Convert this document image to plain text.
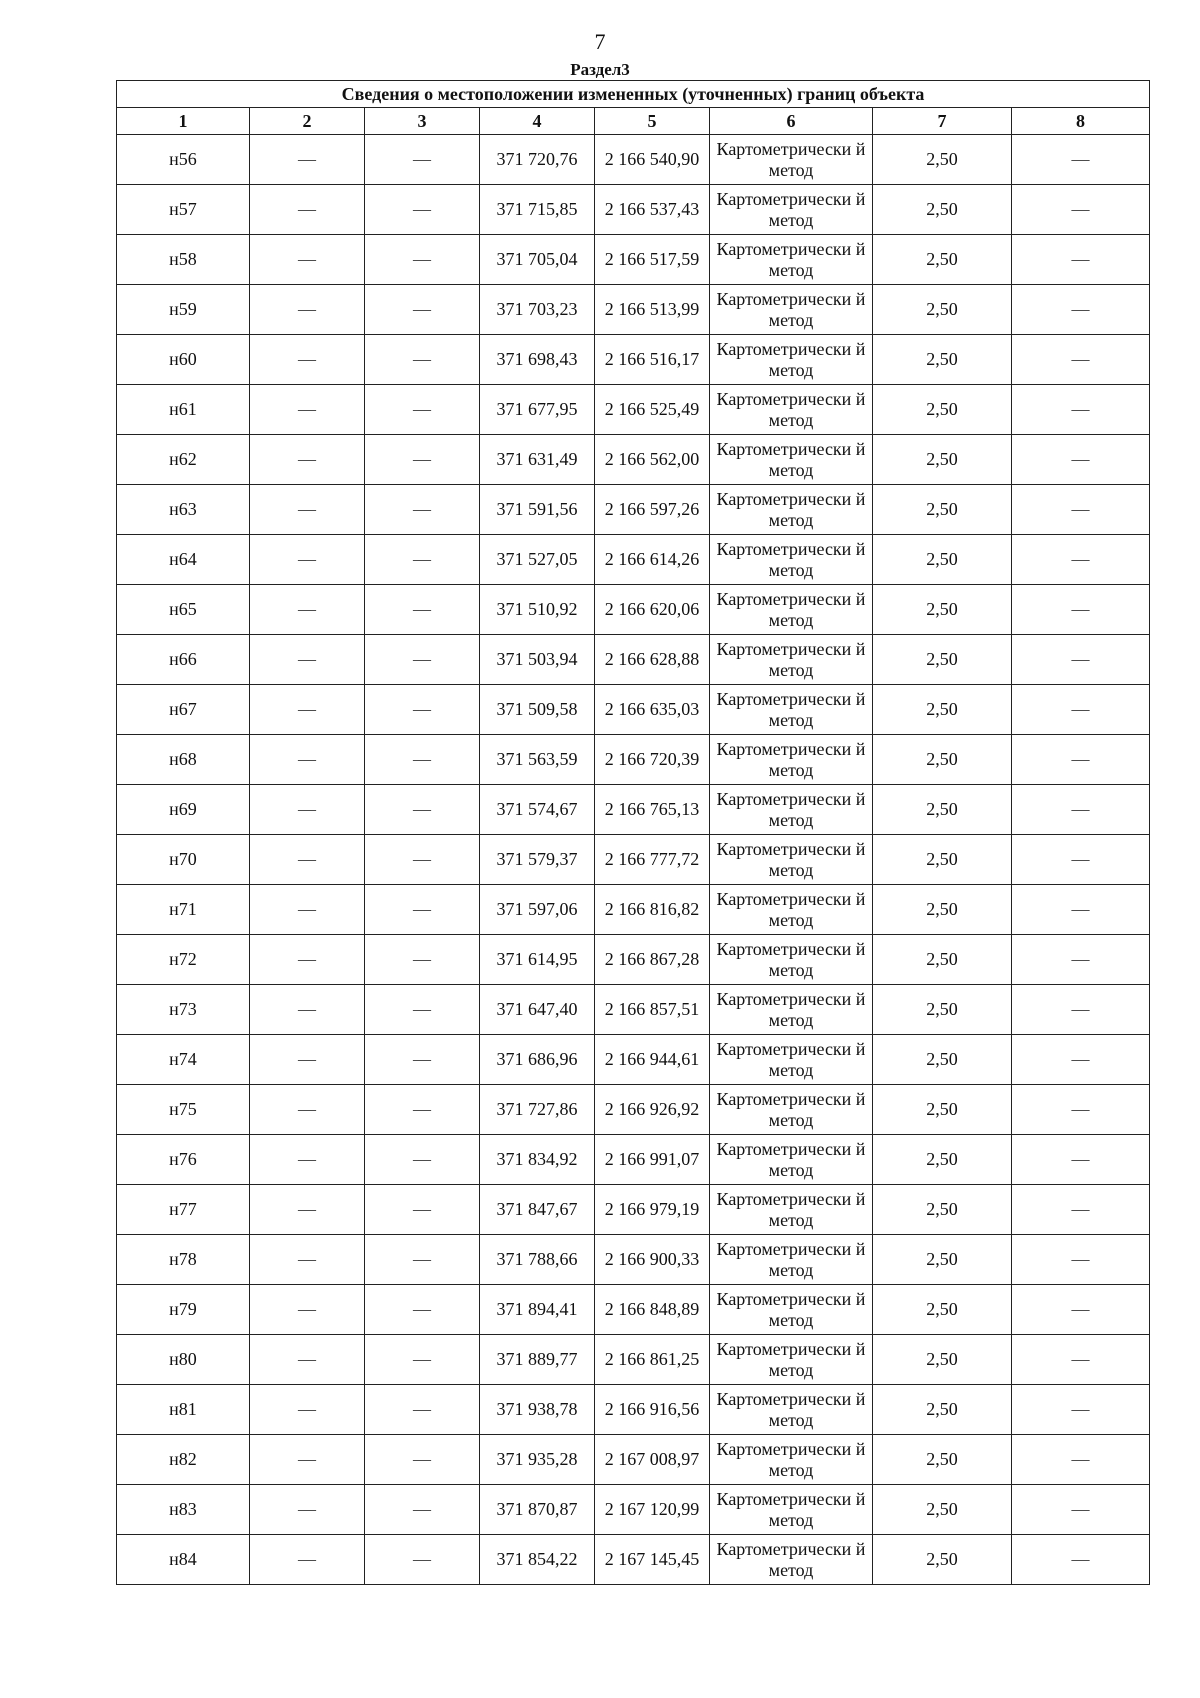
7
Раздел3
Сведения о местоположении измененных (уточненных) границ объекта							
1	2	3	4	5	6	7	8
н56	—	—	371 720,76	2 166 540,90	Картометрически й метод	2,50	—
н57	—	—	371 715,85	2 166 537,43	Картометрически й метод	2,50	—
н58	—	—	371 705,04	2 166 517,59	Картометрически й метод	2,50	—
н59	—	—	371 703,23	2 166 513,99	Картометрически й метод	2,50	—
н60	—	—	371 698,43	2 166 516,17	Картометрически й метод	2,50	—
н61	—	—	371 677,95	2 166 525,49	Картометрически й метод	2,50	—
н62	—	—	371 631,49	2 166 562,00	Картометрически й метод	2,50	—
н63	—	—	371 591,56	2 166 597,26	Картометрически й метод	2,50	—
н64	—	—	371 527,05	2 166 614,26	Картометрически й метод	2,50	—
н65	—	—	371 510,92	2 166 620,06	Картометрически й метод	2,50	—
н66	—	—	371 503,94	2 166 628,88	Картометрически й метод	2,50	—
н67	—	—	371 509,58	2 166 635,03	Картометрически й метод	2,50	—
н68	—	—	371 563,59	2 166 720,39	Картометрически й метод	2,50	—
н69	—	—	371 574,67	2 166 765,13	Картометрически й метод	2,50	—
н70	—	—	371 579,37	2 166 777,72	Картометрически й метод	2,50	—
н71	—	—	371 597,06	2 166 816,82	Картометрически й метод	2,50	—
н72	—	—	371 614,95	2 166 867,28	Картометрически й метод	2,50	—
н73	—	—	371 647,40	2 166 857,51	Картометрически й метод	2,50	—
н74	—	—	371 686,96	2 166 944,61	Картометрически й метод	2,50	—
н75	—	—	371 727,86	2 166 926,92	Картометрически й метод	2,50	—
н76	—	—	371 834,92	2 166 991,07	Картометрически й метод	2,50	—
н77	—	—	371 847,67	2 166 979,19	Картометрически й метод	2,50	—
н78	—	—	371 788,66	2 166 900,33	Картометрически й метод	2,50	—
н79	—	—	371 894,41	2 166 848,89	Картометрически й метод	2,50	—
н80	—	—	371 889,77	2 166 861,25	Картометрически й метод	2,50	—
н81	—	—	371 938,78	2 166 916,56	Картометрически й метод	2,50	—
н82	—	—	371 935,28	2 167 008,97	Картометрически й метод	2,50	—
н83	—	—	371 870,87	2 167 120,99	Картометрически й метод	2,50	—
н84	—	—	371 854,22	2 167 145,45	Картометрически й метод	2,50	—
